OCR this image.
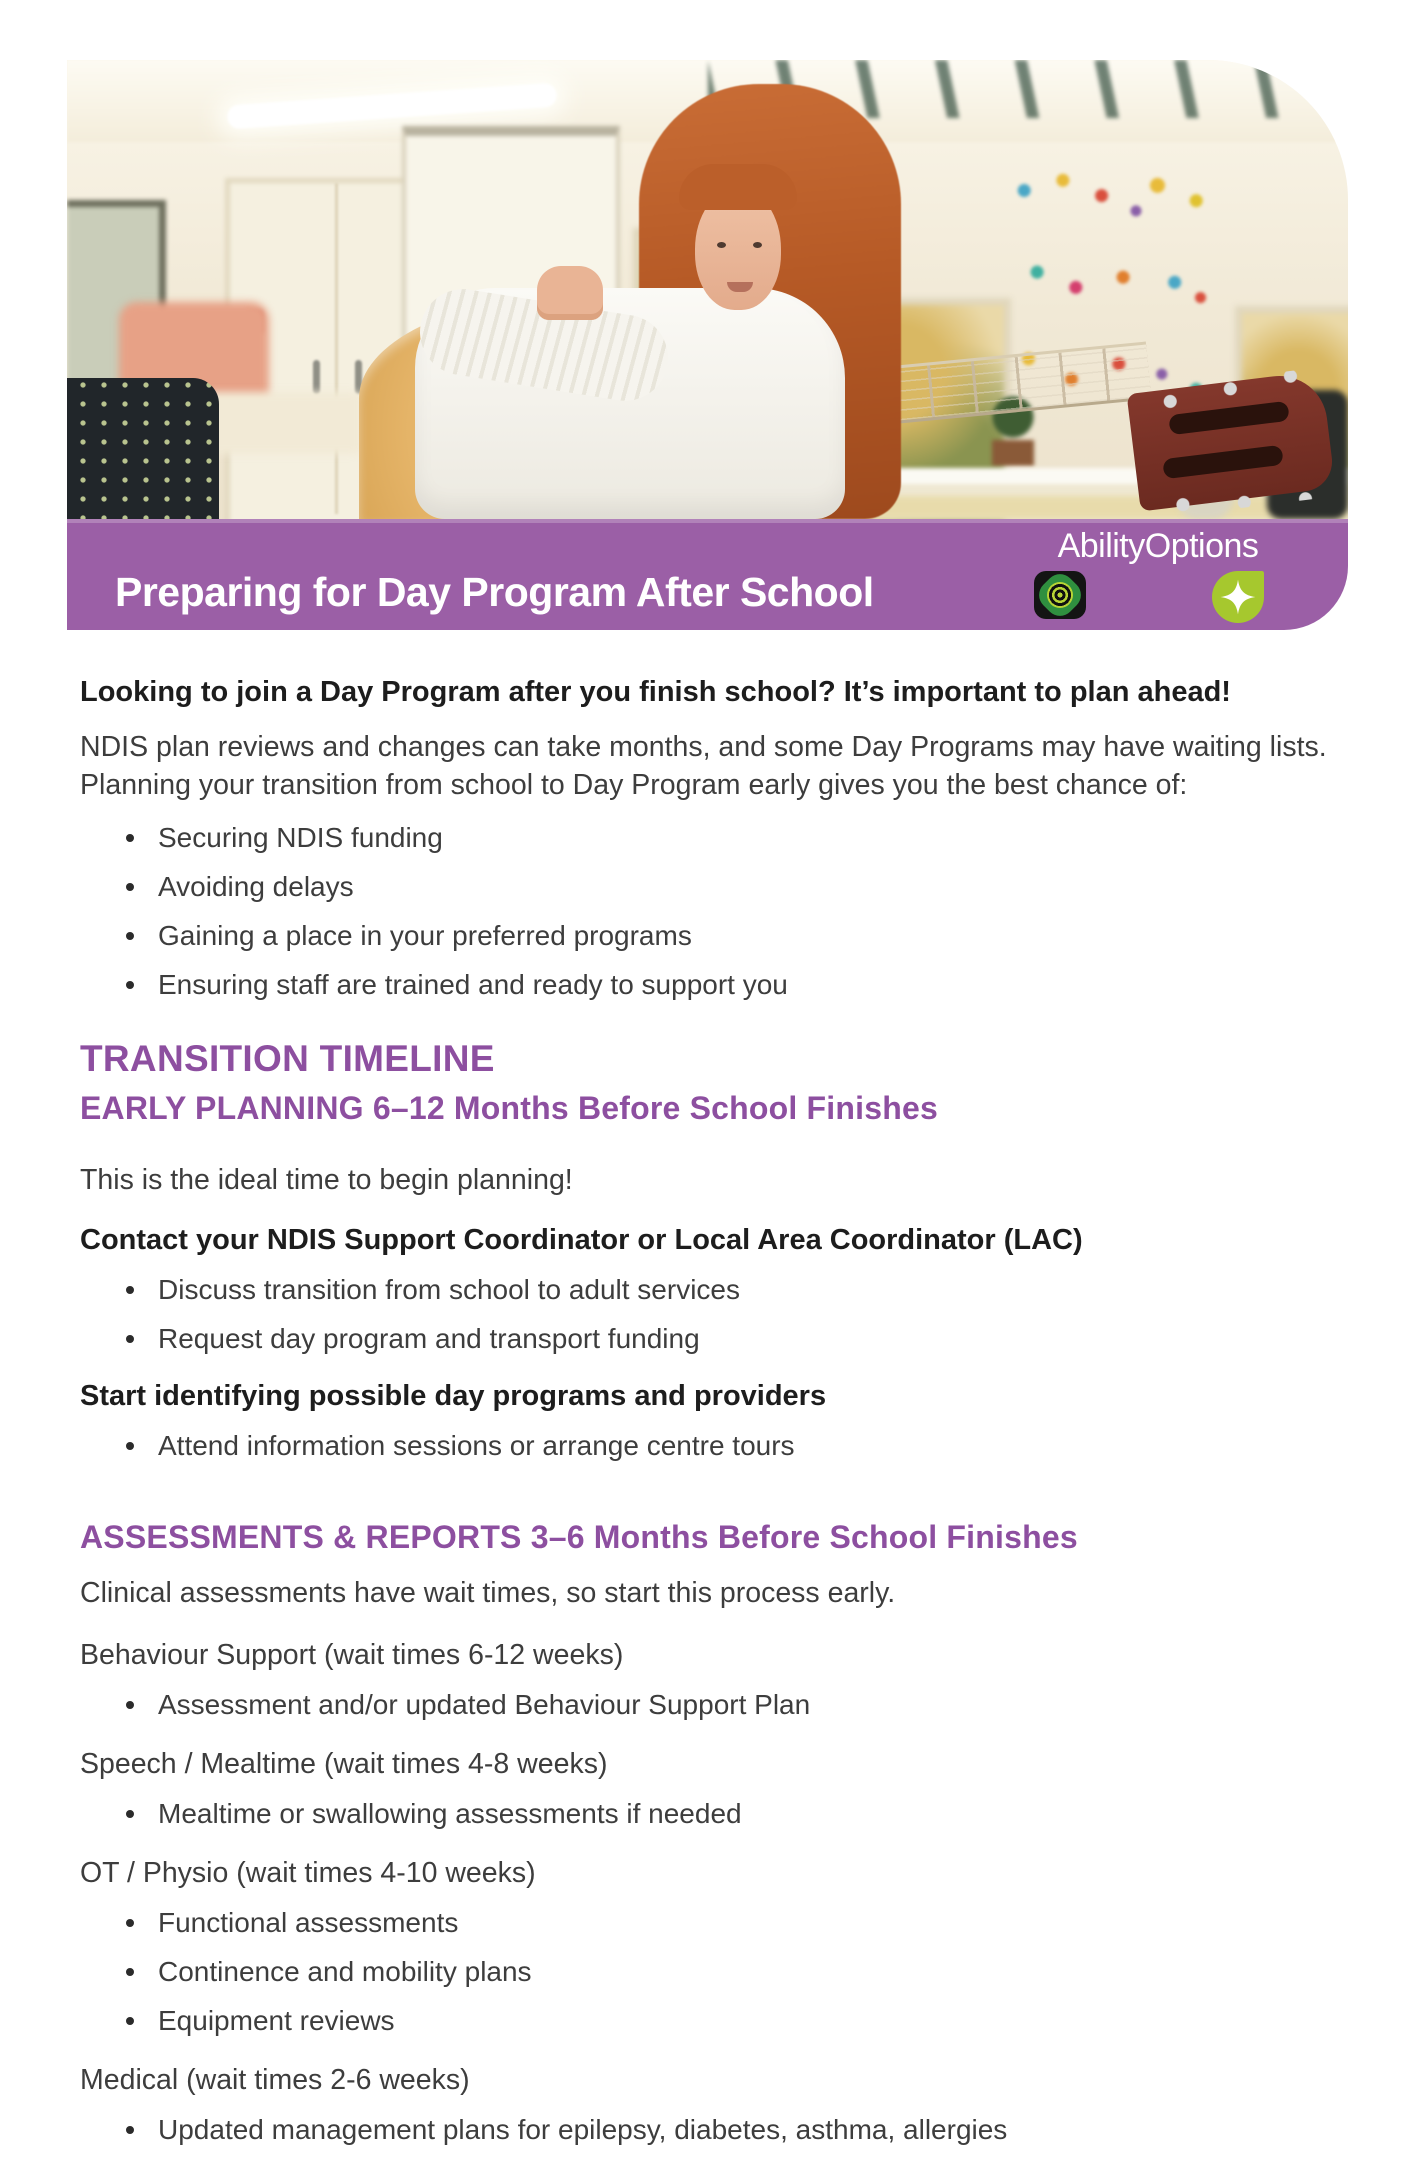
Preparing for Day Program After School
AbilityOptions

Looking to join a Day Program after you finish school? It’s important to plan ahead!

NDIS plan reviews and changes can take months, and some Day Programs may have waiting lists. Planning your transition from school to Day Program early gives you the best chance of:

Securing NDIS funding
Avoiding delays
Gaining a place in your preferred programs
Ensuring staff are trained and ready to support you
TRANSITION TIMELINE
EARLY PLANNING 6–12 Months Before School Finishes

This is the ideal time to begin planning!

Contact your NDIS Support Coordinator or Local Area Coordinator (LAC)

Discuss transition from school to adult services
Request day program and transport funding

Start identifying possible day programs and providers

Attend information sessions or arrange centre tours
ASSESSMENTS & REPORTS 3–6 Months Before School Finishes

Clinical assessments have wait times, so start this process early.

Behaviour Support (wait times 6-12 weeks)

Assessment and/or updated Behaviour Support Plan

Speech / Mealtime (wait times 4-8 weeks)

Mealtime or swallowing assessments if needed

OT / Physio (wait times 4-10 weeks)

Functional assessments
Continence and mobility plans
Equipment reviews

Medical (wait times 2-6 weeks)

Updated management plans for epilepsy, diabetes, asthma, allergies
